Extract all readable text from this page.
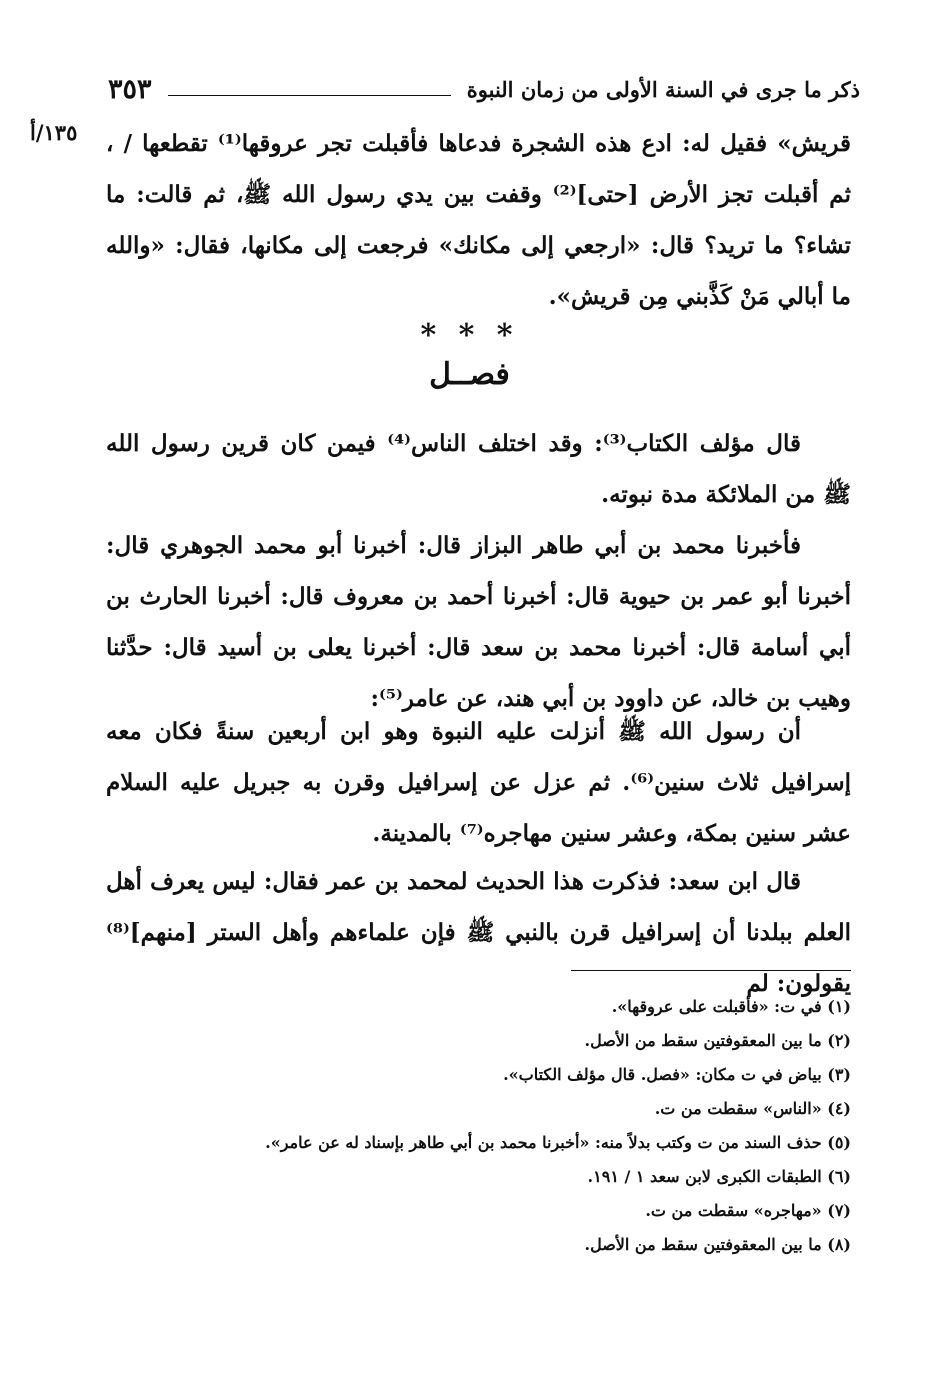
ذكر ما جرى في السنة الأولى من زمان النبوة
٣٥٣
١٣٥/أ	قريش» فقيل له: ادع هذه الشجرة فدعاها فأقبلت تجر عروقها⁽¹⁾ تقطعها / ، ثم أقبلت تجز الأرض [حتى]⁽²⁾ وقفت بين يدي رسول الله ﷺ، ثم قالت: ما تشاء؟ ما تريد؟ قال: «ارجعي إلى مكانك» فرجعت إلى مكانها، فقال: «والله ما أبالي مَنْ كَذَّبني مِن قريش».

* * *
فصــل

قال مؤلف الكتاب⁽³⁾: وقد اختلف الناس⁽⁴⁾ فيمن كان قرين رسول الله ﷺ من الملائكة مدة نبوته.

فأخبرنا محمد بن أبي طاهر البزاز قال: أخبرنا أبو محمد الجوهري قال: أخبرنا أبو عمر بن حيوية قال: أخبرنا أحمد بن معروف قال: أخبرنا الحارث بن أبي أسامة قال: أخبرنا محمد بن سعد قال: أخبرنا يعلى بن أسيد قال: حدَّثنا وهيب بن خالد، عن داوود بن أبي هند، عن عامر⁽⁵⁾:

أن رسول الله ﷺ أنزلت عليه النبوة وهو ابن أربعين سنةً فكان معه إسرافيل ثلاث سنين⁽⁶⁾. ثم عزل عن إسرافيل وقرن به جبريل عليه السلام عشر سنين بمكة، وعشر سنين مهاجره⁽⁷⁾ بالمدينة.

قال ابن سعد: فذكرت هذا الحديث لمحمد بن عمر فقال: ليس يعرف أهل العلم ببلدنا أن إسرافيل قرن بالنبي ﷺ فإن علماءهم وأهل الستر [منهم]⁽⁸⁾ يقولون: لم

(١) في ت: «فأقبلت على عروقها».
(٢) ما بين المعقوفتين سقط من الأصل.
(٣) بياض في ت مكان: «فصل. قال مؤلف الكتاب».
(٤) «الناس» سقطت من ت.
(٥) حذف السند من ت وكتب بدلاً منه: «أخبرنا محمد بن أبي طاهر بإسناد له عن عامر».
(٦) الطبقات الكبرى لابن سعد ١ / ١٩١.
(٧) «مهاجره» سقطت من ت.
(٨) ما بين المعقوفتين سقط من الأصل.
